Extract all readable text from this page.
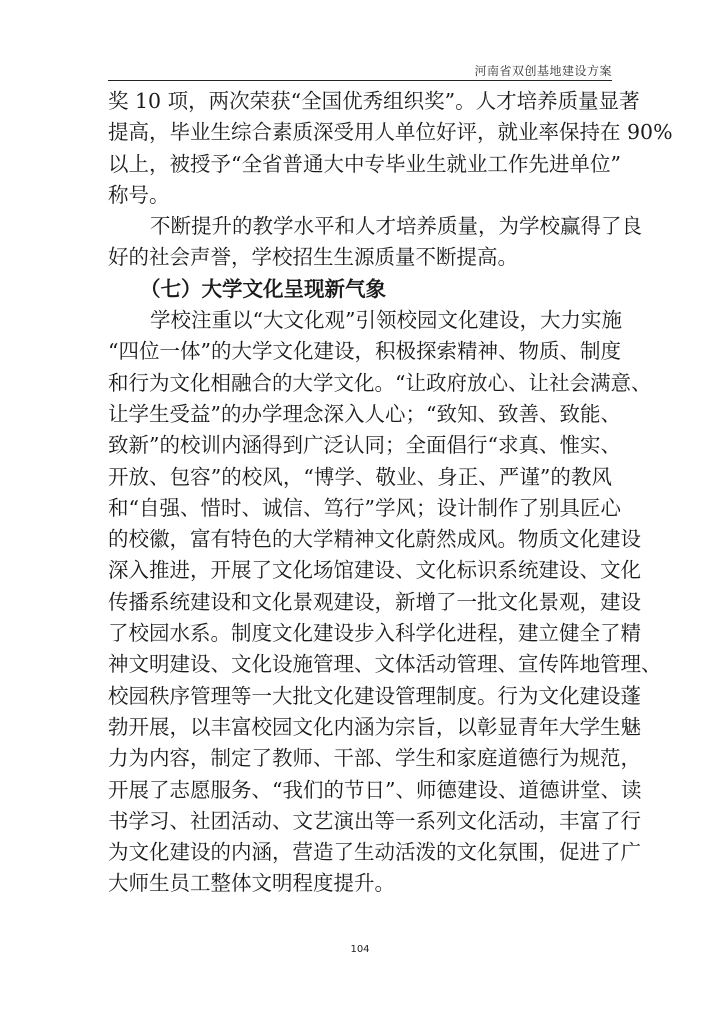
河南省双创基地建设方案
奖 10 项，两次荣获“全国优秀组织奖”。人才培养质量显著
提高，毕业生综合素质深受用人单位好评，就业率保持在 90%
以上，被授予“全省普通大中专毕业生就业工作先进单位”
称号。
不断提升的教学水平和人才培养质量，为学校赢得了良
好的社会声誉，学校招生生源质量不断提高。
（七）大学文化呈现新气象
学校注重以“大文化观”引领校园文化建设，大力实施
“四位一体”的大学文化建设，积极探索精神、物质、制度
和行为文化相融合的大学文化。“让政府放心、让社会满意、
让学生受益”的办学理念深入人心；“致知、致善、致能、
致新”的校训内涵得到广泛认同；全面倡行“求真、惟实、
开放、包容”的校风，“博学、敬业、身正、严谨”的教风
和“自强、惜时、诚信、笃行”学风；设计制作了别具匠心
的校徽，富有特色的大学精神文化蔚然成风。物质文化建设
深入推进，开展了文化场馆建设、文化标识系统建设、文化
传播系统建设和文化景观建设，新增了一批文化景观，建设
了校园水系。制度文化建设步入科学化进程，建立健全了精
神文明建设、文化设施管理、文体活动管理、宣传阵地管理、
校园秩序管理等一大批文化建设管理制度。行为文化建设蓬
勃开展，以丰富校园文化内涵为宗旨，以彰显青年大学生魅
力为内容，制定了教师、干部、学生和家庭道德行为规范，
开展了志愿服务、“我们的节日”、师德建设、道德讲堂、读
书学习、社团活动、文艺演出等一系列文化活动，丰富了行
为文化建设的内涵，营造了生动活泼的文化氛围，促进了广
大师生员工整体文明程度提升。
104
